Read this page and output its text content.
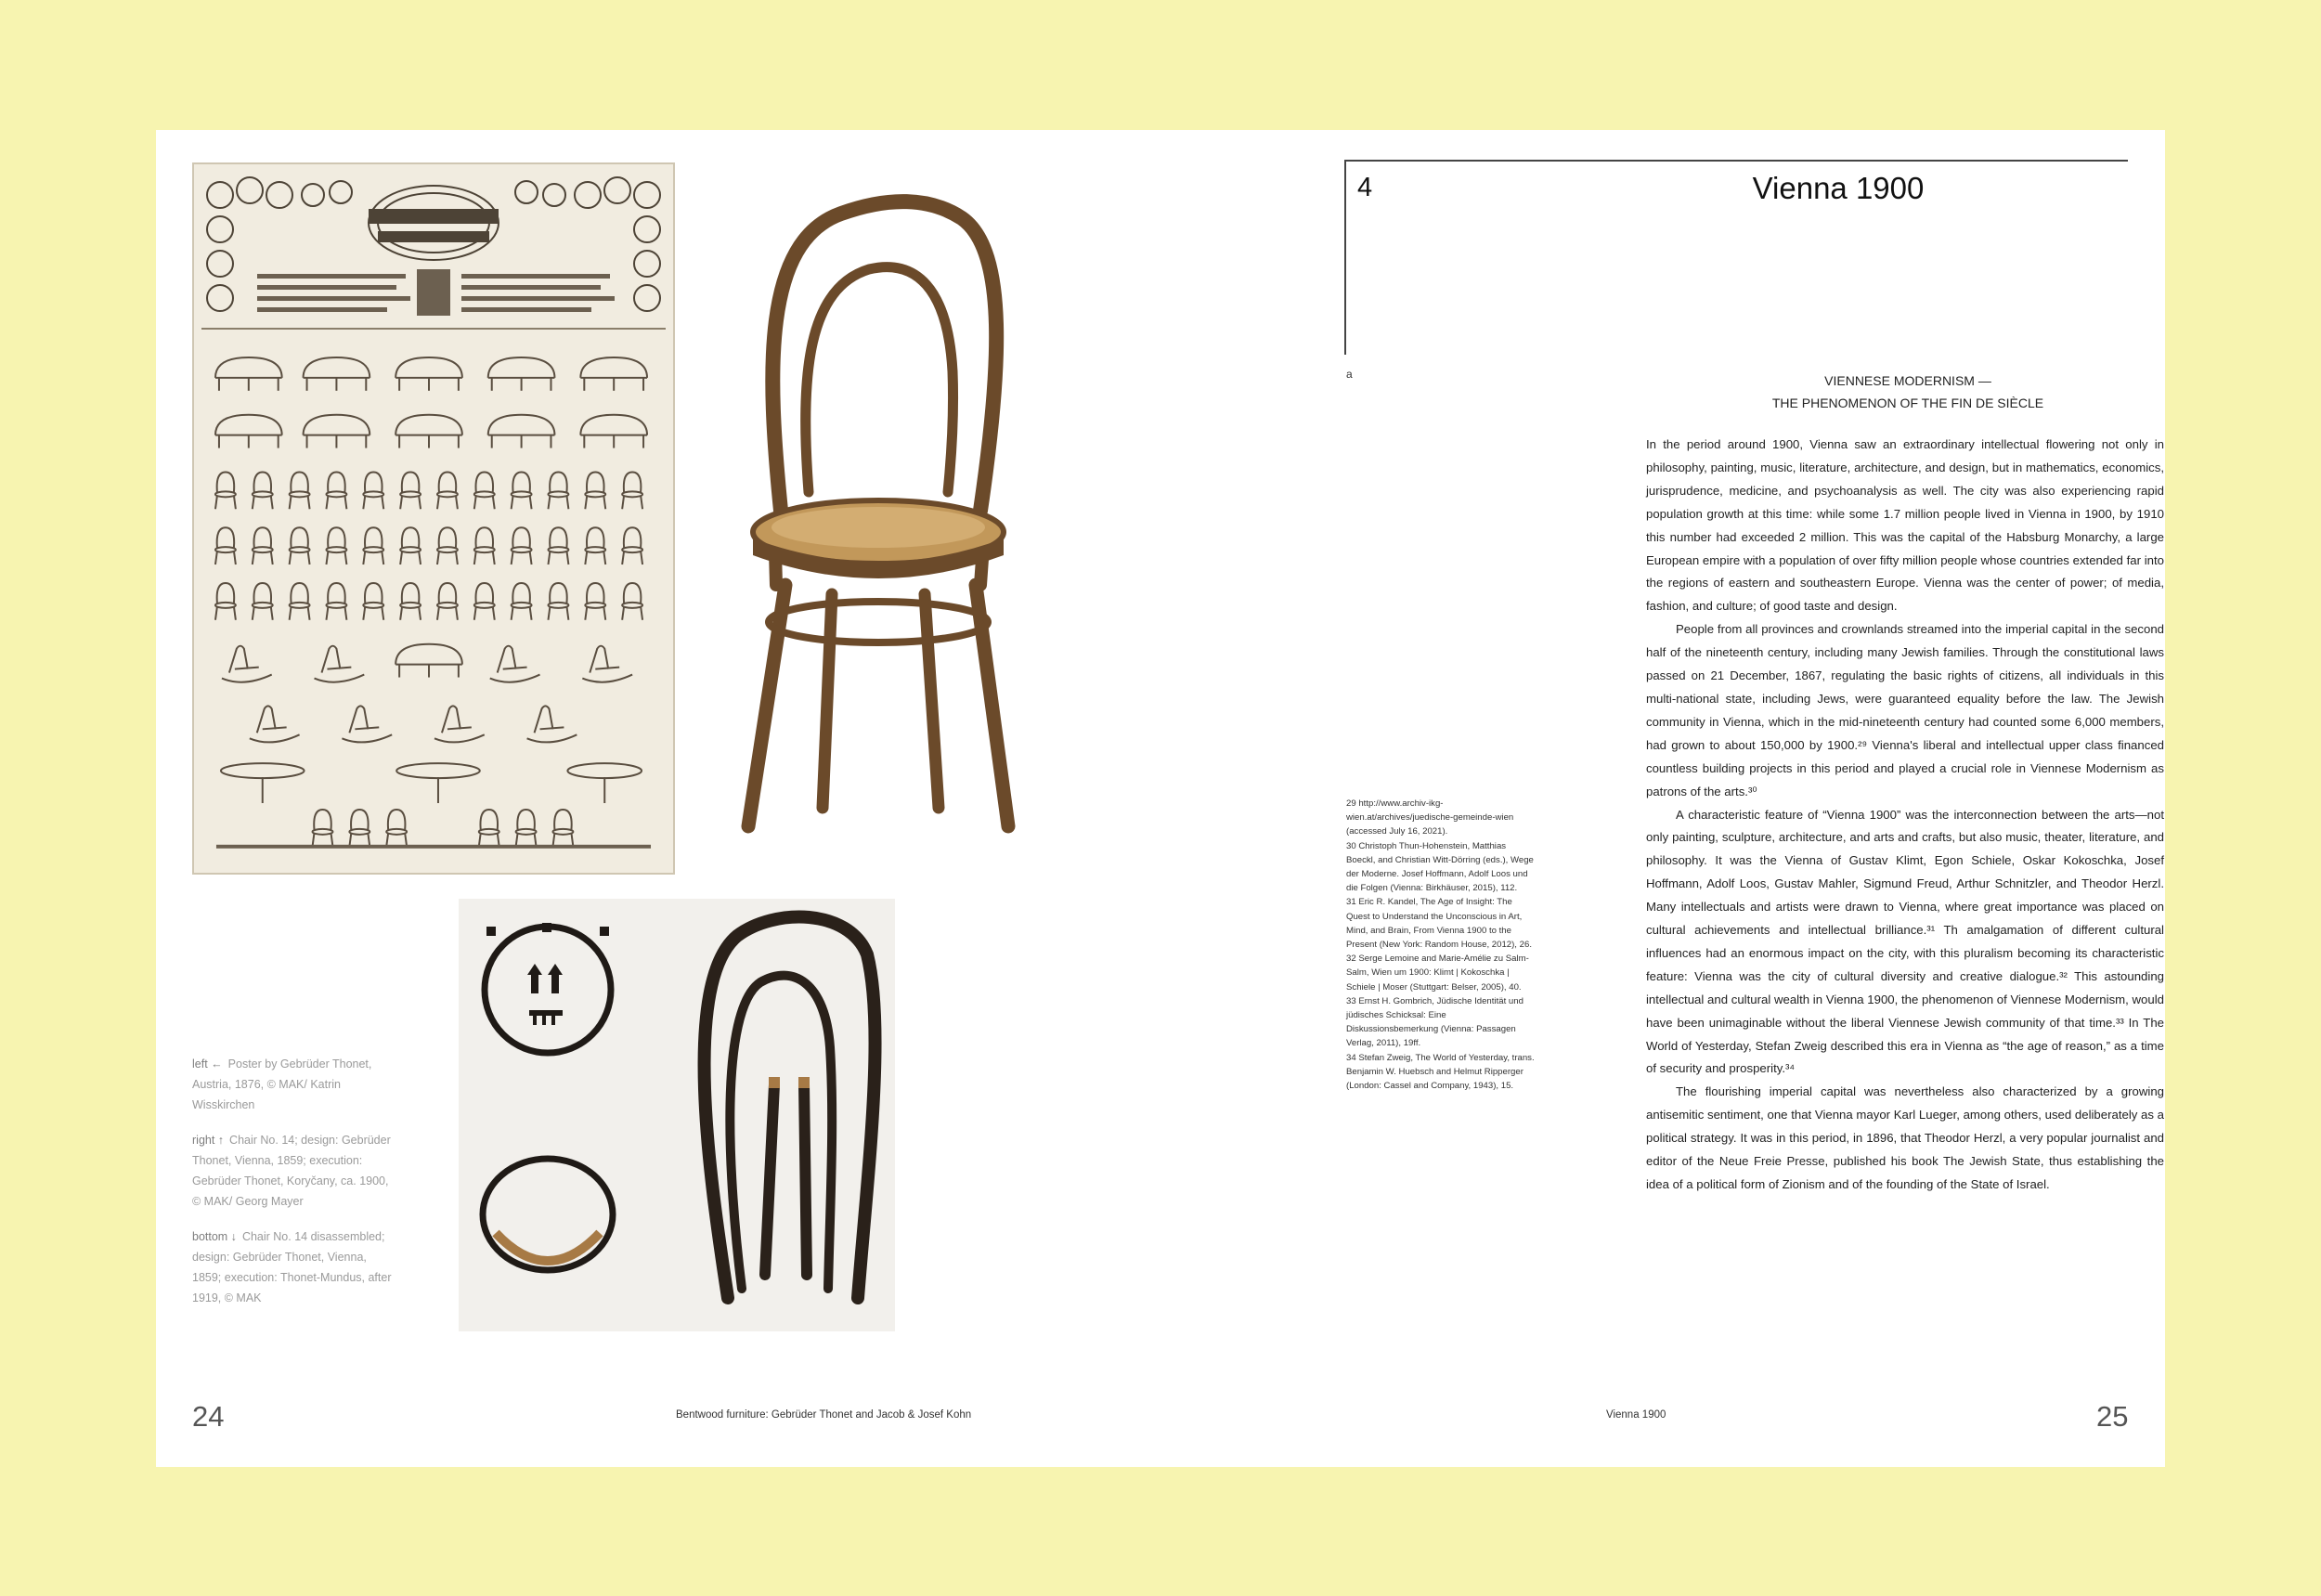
left ← Poster by Gebrüder Thonet, Austria, 1876, © MAK/ Katrin Wisskirchen

right ↑ Chair No. 14; design: Gebrüder Thonet, Vienna, 1859; execution: Gebrüder Thonet, Koryčany, ca. 1900, © MAK/ Georg Mayer

bottom ↓ Chair No. 14 disassembled; design: Gebrüder Thonet, Vienna, 1859; execution: Thonet-Mundus, after 1919, © MAK

24	Bentwood furniture: Gebrüder Thonet and Jacob & Josef Kohn
4	Vienna 1900
a	VIENNESE MODERNISM —
THE PHENOMENON OF THE FIN DE SIÈCLE

In the period around 1900, Vienna saw an extraordinary intellectual flowering not only in philosophy, painting, music, literature, architecture, and design, but in mathematics, economics, jurisprudence, medicine, and psychoanalysis as well. The city was also experiencing rapid population growth at this time: while some 1.7 million people lived in Vienna in 1900, by 1910 this number had exceeded 2 million. This was the capital of the Habsburg Monarchy, a large European empire with a population of over fifty million people whose countries extended far into the regions of eastern and southeastern Europe. Vienna was the center of power; of media, fashion, and culture; of good taste and design.

People from all provinces and crownlands streamed into the imperial capital in the second half of the nineteenth century, including many Jewish families. Through the constitutional laws passed on 21 December, 1867, regulating the basic rights of citizens, all individuals in this multi-national state, including Jews, were guaranteed equality before the law. The Jewish community in Vienna, which in the mid-nineteenth century had counted some 6,000 members, had grown to about 150,000 by 1900.²⁹ Vienna's liberal and intellectual upper class financed countless building projects in this period and played a crucial role in Viennese Modernism as patrons of the arts.³⁰

A characteristic feature of “Vienna 1900” was the interconnection between the arts—not only painting, sculpture, architecture, and arts and crafts, but also music, theater, literature, and philosophy. It was the Vienna of Gustav Klimt, Egon Schiele, Oskar Kokoschka, Josef Hoffmann, Adolf Loos, Gustav Mahler, Sigmund Freud, Arthur Schnitzler, and Theodor Herzl. Many intellectuals and artists were drawn to Vienna, where great importance was placed on cultural achievements and intellectual brilliance.³¹ Th amalgamation of different cultural influences had an enormous impact on the city, with this pluralism becoming its characteristic feature: Vienna was the city of cultural diversity and creative dialogue.³² This astounding intellectual and cultural wealth in Vienna 1900, the phenomenon of Viennese Modernism, would have been unimaginable without the liberal Viennese Jewish community of that time.³³ In The World of Yesterday, Stefan Zweig described this era in Vienna as “the age of reason,” as a time of security and prosperity.³⁴

The flourishing imperial capital was nevertheless also characterized by a growing antisemitic sentiment, one that Vienna mayor Karl Lueger, among others, used deliberately as a political strategy. It was in this period, in 1896, that Theodor Herzl, a very popular journalist and editor of the Neue Freie Presse, published his book The Jewish State, thus establishing the idea of a political form of Zionism and of the founding of the State of Israel.

29 http://www.archiv-ikg-wien.at/archives/juedische-gemeinde-wien (accessed July 16, 2021).

30 Christoph Thun-Hohenstein, Matthias Boeckl, and Christian Witt-Dörring (eds.), Wege der Moderne. Josef Hoffmann, Adolf Loos und die Folgen (Vienna: Birkhäuser, 2015), 112.

31 Eric R. Kandel, The Age of Insight: The Quest to Understand the Unconscious in Art, Mind, and Brain, From Vienna 1900 to the Present (New York: Random House, 2012), 26.

32 Serge Lemoine and Marie-Amélie zu Salm-Salm, Wien um 1900: Klimt | Kokoschka | Schiele | Moser (Stuttgart: Belser, 2005), 40.

33 Ernst H. Gombrich, Jüdische Identität und jüdisches Schicksal: Eine Diskussionsbemerkung (Vienna: Passagen Verlag, 2011), 19ff.

34 Stefan Zweig, The World of Yesterday, trans. Benjamin W. Huebsch and Helmut Ripperger (London: Cassel and Company, 1943), 15.

Vienna 1900	25
